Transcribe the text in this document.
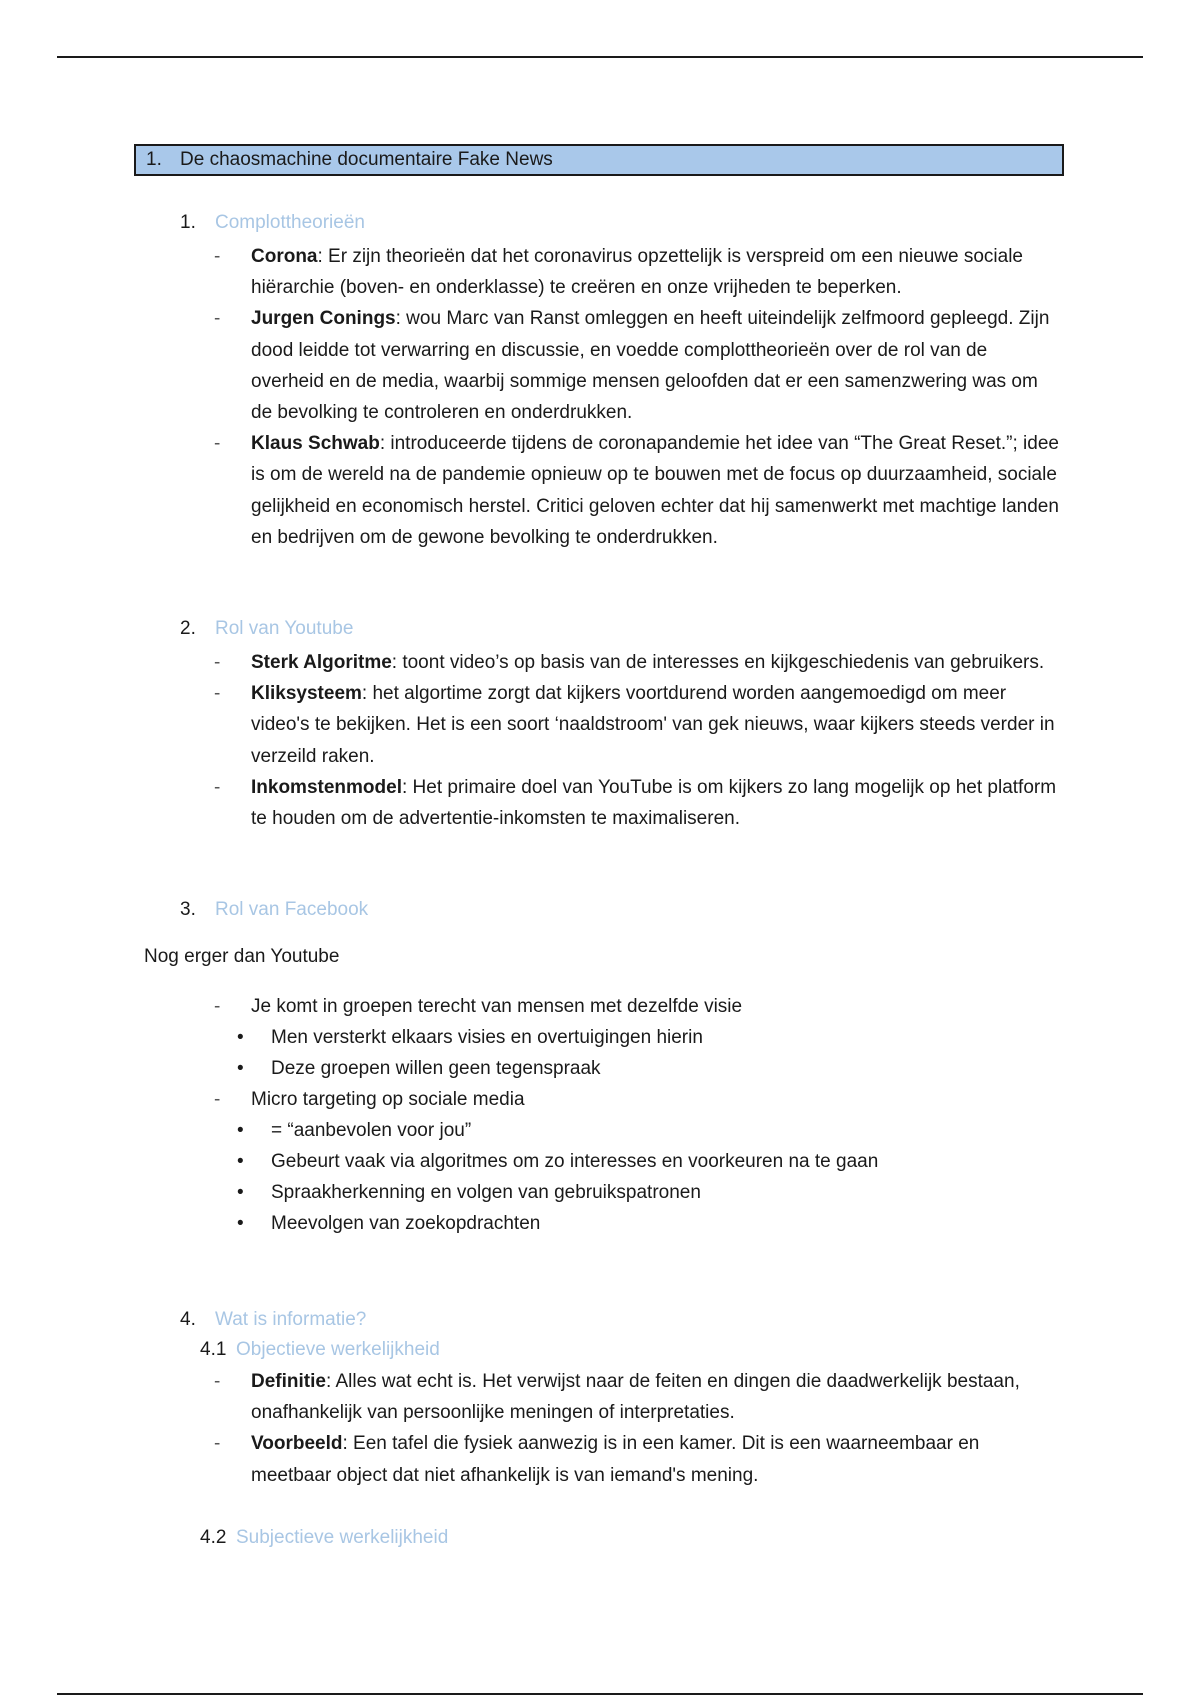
1. De chaosmachine documentaire Fake News
1.	Complottheorieën
- Corona: Er zijn theorieën dat het coronavirus opzettelijk is verspreid om een nieuwe sociale hiërarchie (boven- en onderklasse) te creëren en onze vrijheden te beperken.
- Jurgen Conings: wou Marc van Ranst omleggen en heeft uiteindelijk zelfmoord gepleegd. Zijn dood leidde tot verwarring en discussie, en voedde complottheorieën over de rol van de overheid en de media, waarbij sommige mensen geloofden dat er een samenzwering was om de bevolking te controleren en onderdrukken.
- Klaus Schwab: introduceerde tijdens de coronapandemie het idee van “The Great Reset.”; idee is om de wereld na de pandemie opnieuw op te bouwen met de focus op duurzaamheid, sociale gelijkheid en economisch herstel. Critici geloven echter dat hij samenwerkt met machtige landen en bedrijven om de gewone bevolking te onderdrukken.
2.	Rol van Youtube
- Sterk Algoritme: toont video’s op basis van de interesses en kijkgeschiedenis van gebruikers.
- Kliksysteem: het algortime zorgt dat kijkers voortdurend worden aangemoedigd om meer video's te bekijken. Het is een soort ‘naaldstroom' van gek nieuws, waar kijkers steeds verder in verzeild raken.
- Inkomstenmodel: Het primaire doel van YouTube is om kijkers zo lang mogelijk op het platform te houden om de advertentie-inkomsten te maximaliseren.
3.	Rol van Facebook
Nog erger dan Youtube
- Je komt in groepen terecht van mensen met dezelfde visie
• Men versterkt elkaars visies en overtuigingen hierin
• Deze groepen willen geen tegenspraak
- Micro targeting op sociale media
• = “aanbevolen voor jou”
• Gebeurt vaak via algoritmes om zo interesses en voorkeuren na te gaan
• Spraakherkenning en volgen van gebruikspatronen
• Meevolgen van zoekopdrachten
4.	Wat is informatie?
4.1 Objectieve werkelijkheid
- Definitie: Alles wat echt is. Het verwijst naar de feiten en dingen die daadwerkelijk bestaan, onafhankelijk van persoonlijke meningen of interpretaties.
- Voorbeeld: Een tafel die fysiek aanwezig is in een kamer. Dit is een waarneembaar en meetbaar object dat niet afhankelijk is van iemand's mening.
4.2 Subjectieve werkelijkheid
